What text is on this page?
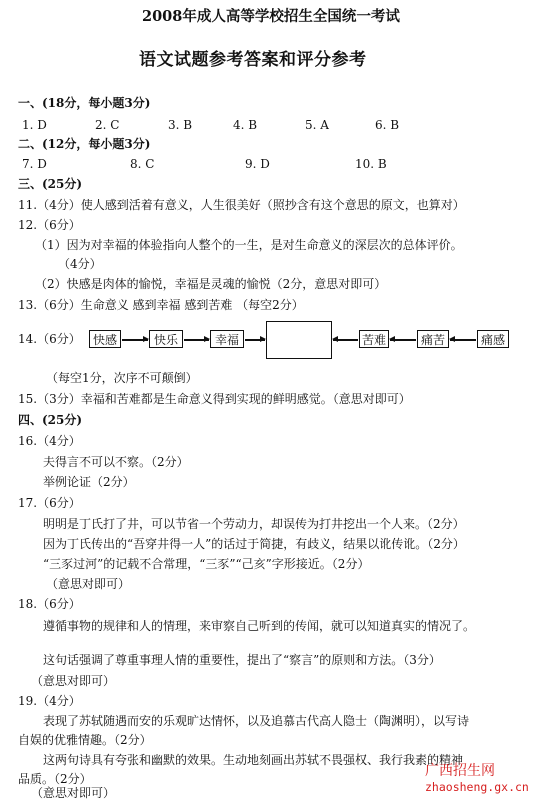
2008年成人高等学校招生全国统一考试
语文试题参考答案和评分参考
一、(18分，每小题3分)
1. D	2. C	3. B	4. B	5. A	6. B
二、(12分，每小题3分)
7. D	8. C	9. D	10. B
三、(25分)
11.（4分）使人感到活着有意义，人生很美好（照抄含有这个意思的原文，也算对）
12.（6分）
（1）因为对幸福的体验指向人整个的一生，是对生命意义的深层次的总体评价。
（4分）
（2）快感是肉体的愉悦，幸福是灵魂的愉悦（2分，意思对即可）
13.（6分）生命意义 感到幸福 感到苦难 （每空2分）
14.（6分）	快感	快乐	幸福	苦难	痛苦	痛感
（每空1分，次序不可颠倒）
15.（3分）幸福和苦难都是生命意义得到实现的鲜明感觉。（意思对即可）
四、(25分)
16.（4分）
夫得言不可以不察。（2分）
举例论证（2分）
17.（6分）
明明是丁氏打了井，可以节省一个劳动力，却误传为打井挖出一个人来。（2分）
因为丁氏传出的“吾穿井得一人”的话过于简捷，有歧义，结果以讹传讹。（2分）
“三豕过河”的记载不合常理，“三豕”“己亥”字形接近。（2分）
（意思对即可）
18.（6分）
遵循事物的规律和人的情理，来审察自己听到的传闻，就可以知道真实的情况了。
这句话强调了尊重事理人情的重要性，提出了“察言”的原则和方法。（3分）
（意思对即可）
19.（4分）
表现了苏轼随遇而安的乐观旷达情怀，以及追慕古代高人隐士（陶渊明），以写诗
自娱的优雅情趣。（2分）
这两句诗具有夸张和幽默的效果。生动地刻画出苏轼不畏强权、我行我素的精神
品质。（2分）
（意思对即可）
广西招生网
zhaosheng.gx.cn
